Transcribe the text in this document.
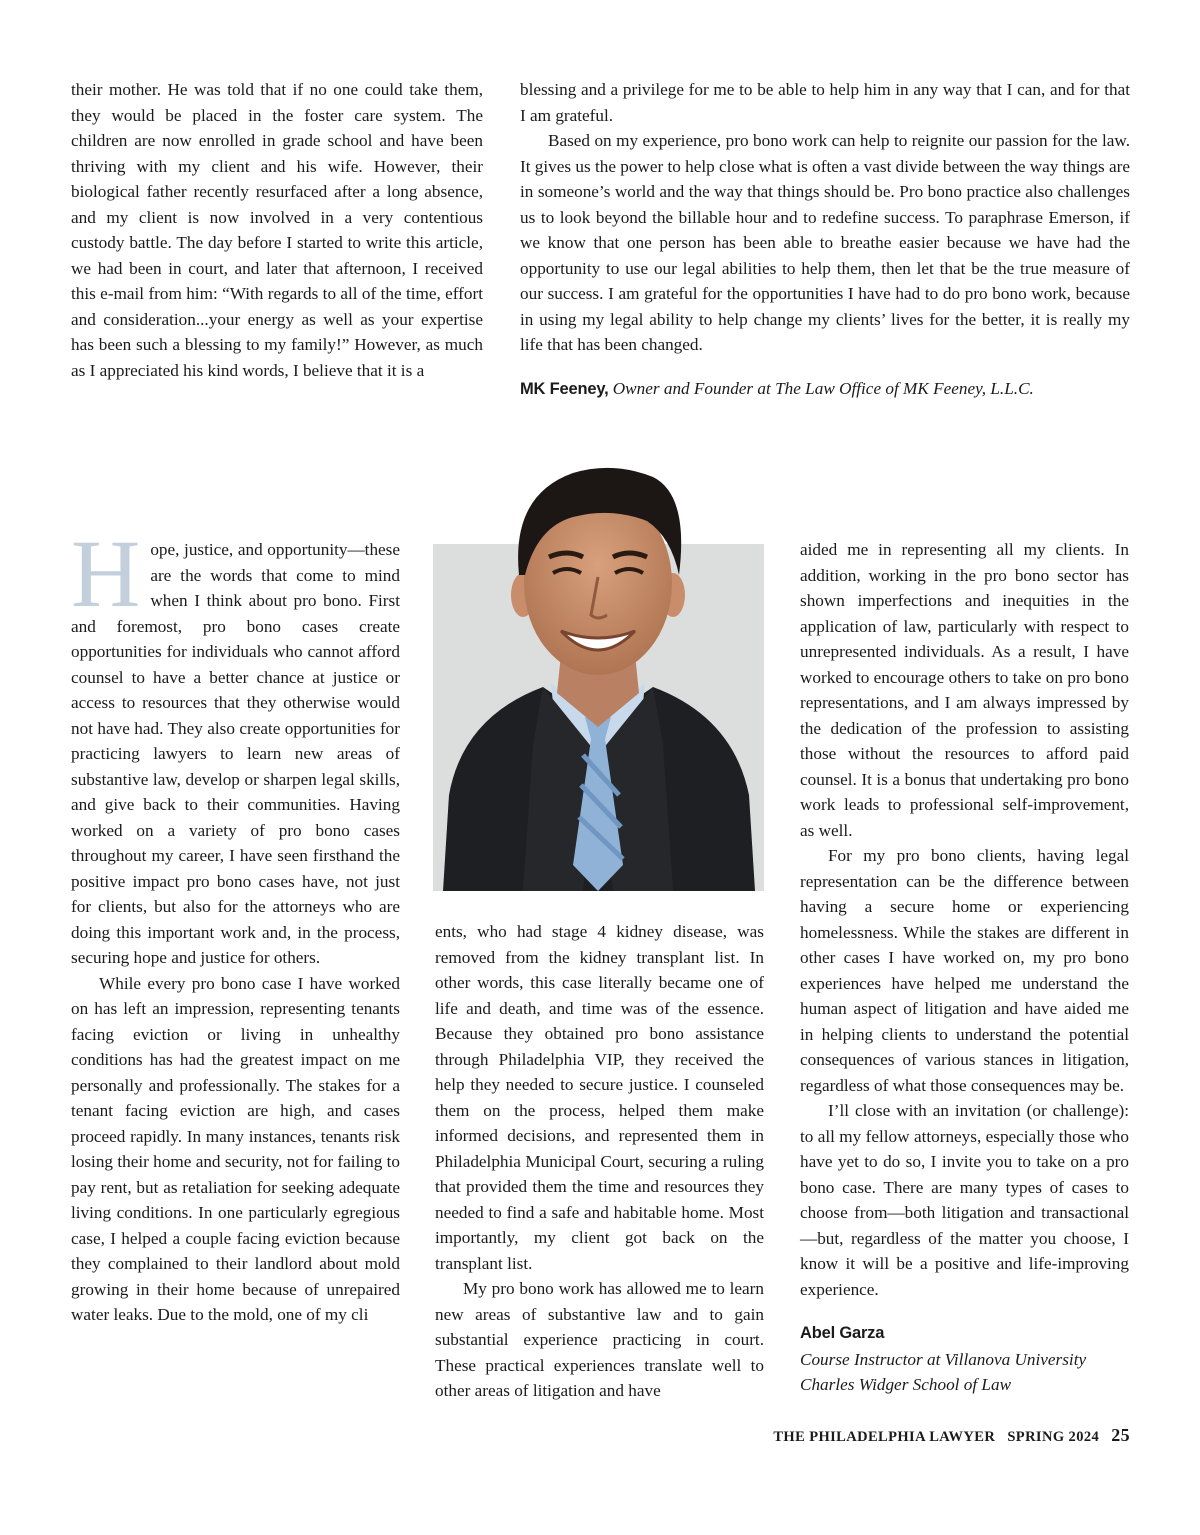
their mother. He was told that if no one could take them, they would be placed in the foster care system. The children are now enrolled in grade school and have been thriving with my client and his wife. However, their biological father recently resurfaced after a long absence, and my client is now involved in a very contentious custody battle. The day before I started to write this article, we had been in court, and later that afternoon, I received this e-mail from him: “With regards to all of the time, effort and consideration...your energy as well as your expertise has been such a blessing to my family!” However, as much as I appreciated his kind words, I believe that it is a

blessing and a privilege for me to be able to help him in any way that I can, and for that I am grateful.

Based on my experience, pro bono work can help to reignite our passion for the law. It gives us the power to help close what is often a vast divide between the way things are in someone’s world and the way that things should be. Pro bono practice also challenges us to look beyond the billable hour and to redefine success. To paraphrase Emerson, if we know that one person has been able to breathe easier because we have had the opportunity to use our legal abilities to help them, then let that be the true measure of our success. I am grateful for the opportunities I have had to do pro bono work, because in using my legal ability to help change my clients’ lives for the better, it is really my life that has been changed.

MK Feeney, Owner and Founder at The Law Office of MK Feeney, L.L.C.

Hope, justice, and opportunity—these are the words that come to mind when I think about pro bono. First and foremost, pro bono cases create opportunities for individuals who cannot afford counsel to have a better chance at justice or access to resources that they otherwise would not have had. They also create opportunities for practicing lawyers to learn new areas of substantive law, develop or sharpen legal skills, and give back to their communities. Having worked on a variety of pro bono cases throughout my career, I have seen firsthand the positive impact pro bono cases have, not just for clients, but also for the attorneys who are doing this important work and, in the process, securing hope and justice for others.

While every pro bono case I have worked on has left an impression, representing tenants facing eviction or living in unhealthy conditions has had the greatest impact on me personally and professionally. The stakes for a tenant facing eviction are high, and cases proceed rapidly. In many instances, tenants risk losing their home and security, not for failing to pay rent, but as retaliation for seeking adequate living conditions. In one particularly egregious case, I helped a couple facing eviction because they complained to their landlord about mold growing in their home because of unrepaired water leaks. Due to the mold, one of my cli

ents, who had stage 4 kidney disease, was removed from the kidney transplant list. In other words, this case literally became one of life and death, and time was of the essence. Because they obtained pro bono assistance through Philadelphia VIP, they received the help they needed to secure justice. I counseled them on the process, helped them make informed decisions, and represented them in Philadelphia Municipal Court, securing a ruling that provided them the time and resources they needed to find a safe and habitable home. Most importantly, my client got back on the transplant list.

My pro bono work has allowed me to learn new areas of substantive law and to gain substantial experience practicing in court. These practical experiences translate well to other areas of litigation and have

aided me in representing all my clients. In addition, working in the pro bono sector has shown imperfections and inequities in the application of law, particularly with respect to unrepresented individuals. As a result, I have worked to encourage others to take on pro bono representations, and I am always impressed by the dedication of the profession to assisting those without the resources to afford paid counsel. It is a bonus that undertaking pro bono work leads to professional self-improvement, as well.

For my pro bono clients, having legal representation can be the difference between having a secure home or experiencing homelessness. While the stakes are different in other cases I have worked on, my pro bono experiences have helped me understand the human aspect of litigation and have aided me in helping clients to understand the potential consequences of various stances in litigation, regardless of what those consequences may be.

I’ll close with an invitation (or challenge): to all my fellow attorneys, especially those who have yet to do so, I invite you to take on a pro bono case. There are many types of cases to choose from—both litigation and transactional—but, regardless of the matter you choose, I know it will be a positive and life-improving experience.

Abel Garza
Course Instructor at Villanova University
Charles Widger School of Law

THE PHILADELPHIA LAWYER SPRING 2024 25
